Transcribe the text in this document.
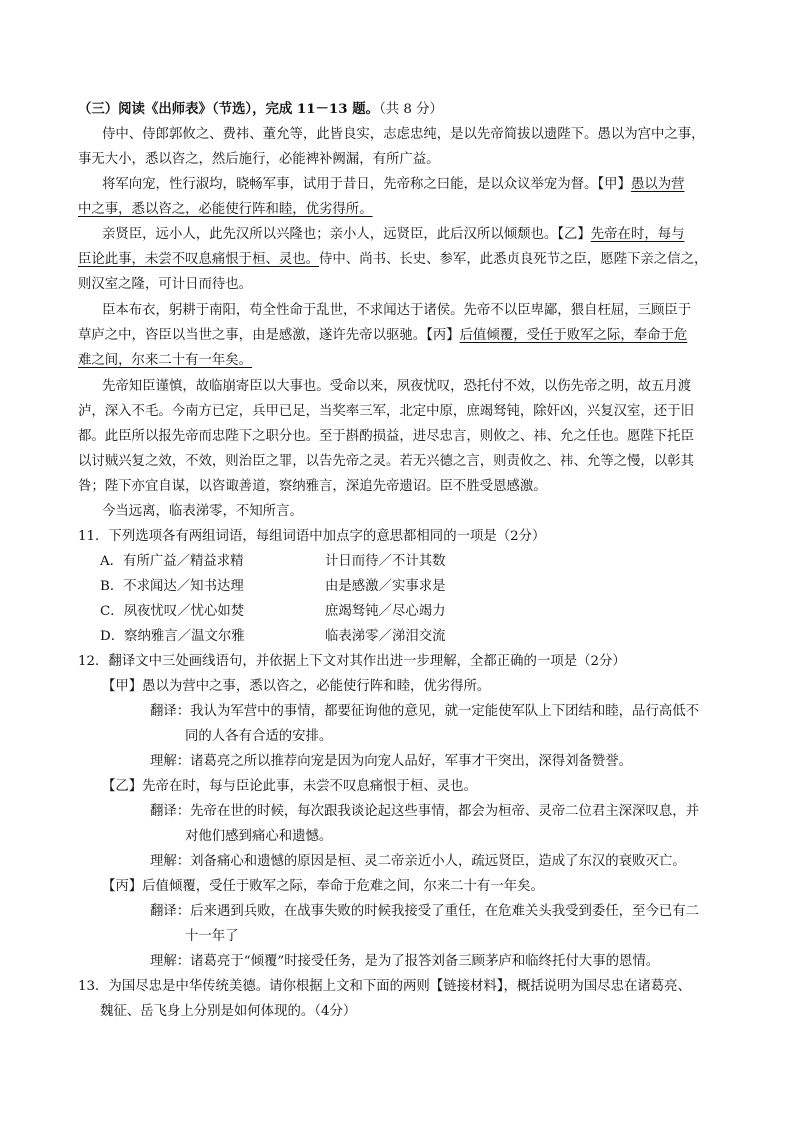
（三）阅读《出师表》（节选），完成 11－13 题。（共 8 分）
侍中、侍郎郭攸之、费祎、董允等，此皆良实，志虑忠纯，是以先帝简拔以遗陛下。愚以为宫中之事，
事无大小，悉以咨之，然后施行，必能裨补阙漏，有所广益。
将军向宠，性行淑均，晓畅军事，试用于昔日，先帝称之曰能，是以众议举宠为督。【甲】愚以为营
中之事，悉以咨之，必能使行阵和睦，优劣得所。
亲贤臣，远小人，此先汉所以兴隆也；亲小人，远贤臣，此后汉所以倾颓也。【乙】先帝在时，每与
臣论此事，未尝不叹息痛恨于桓、灵也。侍中、尚书、长史、参军，此悉贞良死节之臣，愿陛下亲之信之，
则汉室之隆，可计日而待也。
臣本布衣，躬耕于南阳，苟全性命于乱世，不求闻达于诸侯。先帝不以臣卑鄙，猥自枉屈，三顾臣于
草庐之中，咨臣以当世之事，由是感激，遂许先帝以驱驰。【丙】后值倾覆，受任于败军之际，奉命于危
难之间，尔来二十有一年矣。
先帝知臣谨慎，故临崩寄臣以大事也。受命以来，夙夜忧叹，恐托付不效，以伤先帝之明，故五月渡
泸，深入不毛。今南方已定，兵甲已足，当奖率三军，北定中原，庶竭驽钝，除奸凶，兴复汉室，还于旧
都。此臣所以报先帝而忠陛下之职分也。至于斟酌损益，进尽忠言，则攸之、祎、允之任也。愿陛下托臣
以讨贼兴复之效，不效，则治臣之罪，以告先帝之灵。若无兴德之言，则责攸之、祎、允等之慢，以彰其
咎；陛下亦宜自谋，以咨诹善道，察纳雅言，深追先帝遗诏。臣不胜受恩感激。
今当远离，临表涕零，不知所言。
11．下列选项各有两组词语，每组词语中加点字的意思都相同的一项是（2分）
A．有所广益／精益求精	计日而待／不计其数
B．不求闻达／知书达理	由是感激／实事求是
C．夙夜忧叹／忧心如焚	庶竭驽钝／尽心竭力
D．察纳雅言／温文尔雅	临表涕零／涕泪交流
12．翻译文中三处画线语句，并依据上下文对其作出进一步理解，全都正确的一项是（2分）
【甲】愚以为营中之事，悉以咨之，必能使行阵和睦，优劣得所。
翻译：我认为军营中的事情，都要征询他的意见，就一定能使军队上下团结和睦，品行高低不
同的人各有合适的安排。
理解：诸葛亮之所以推荐向宠是因为向宠人品好，军事才干突出，深得刘备赞誉。
【乙】先帝在时，每与臣论此事，未尝不叹息痛恨于桓、灵也。
翻译：先帝在世的时候，每次跟我谈论起这些事情，都会为桓帝、灵帝二位君主深深叹息，并
对他们感到痛心和遗憾。
理解：刘备痛心和遗憾的原因是桓、灵二帝亲近小人，疏远贤臣，造成了东汉的衰败灭亡。
【丙】后值倾覆，受任于败军之际，奉命于危难之间，尔来二十有一年矣。
翻译：后来遇到兵败，在战事失败的时候我接受了重任，在危难关头我受到委任，至今已有二
十一年了
理解：诸葛亮于“倾覆”时接受任务，是为了报答刘备三顾茅庐和临终托付大事的恩情。
13．为国尽忠是中华传统美德。请你根据上文和下面的两则【链接材料】，概括说明为国尽忠在诸葛亮、
魏征、岳飞身上分别是如何体现的。（4分）
